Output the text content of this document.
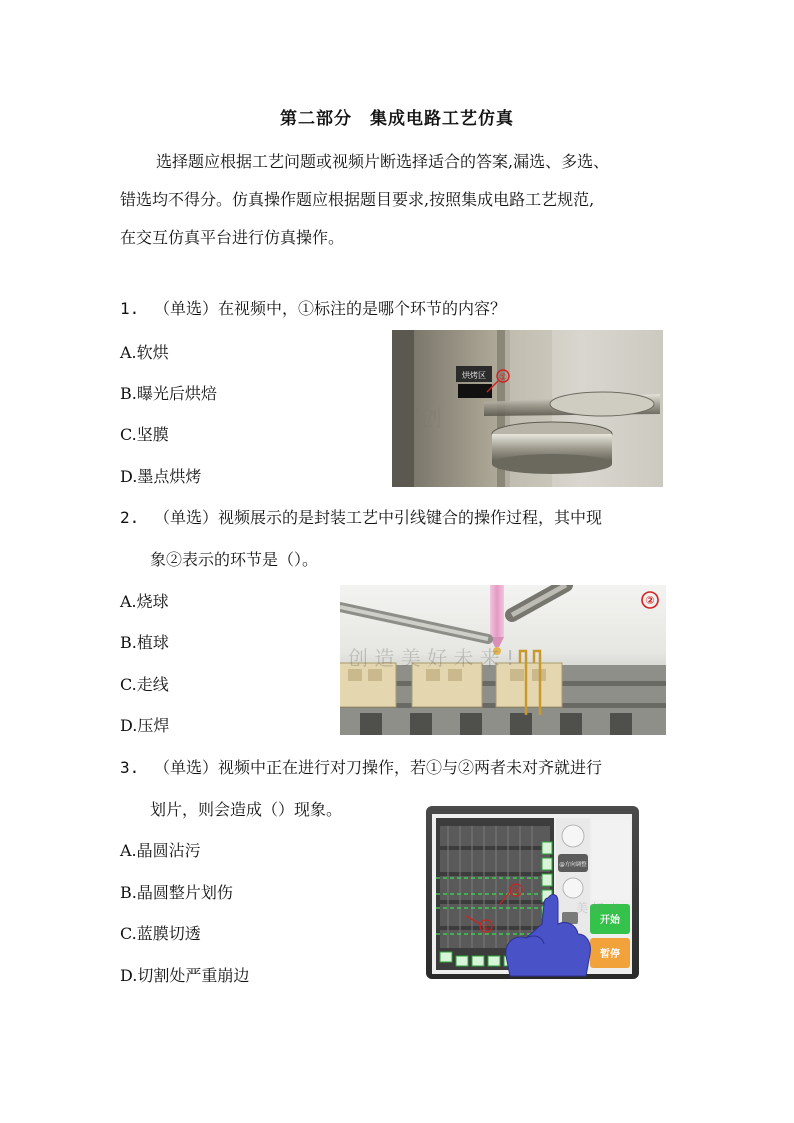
第二部分　集成电路工艺仿真
选择题应根据工艺问题或视频片断选择适合的答案,漏选、多选、
错选均不得分。仿真操作题应根据题目要求,按照集成电路工艺规范,
在交互仿真平台进行仿真操作。
1. （单选）在视频中，①标注的是哪个环节的内容？
A.软烘
B.曝光后烘焙
C.坚膜
D.墨点烘烤
烘烤区 ①
创
2. （单选）视频展示的是封装工艺中引线键合的操作过程，其中现
象②表示的环节是（）。
A.烧球
B.植球
C.走线
D.压焊
②
创 造 美 好 未 来 !
3. （单选）视频中正在进行对刀操作，若①与②两者未对齐就进行
划片，则会造成（）现象。
A.晶圆沾污
B.晶圆整片划伤
C.蓝膜切透
D.切割处严重崩边
②
①
@方向调整
开始
暂停
美 好 未
